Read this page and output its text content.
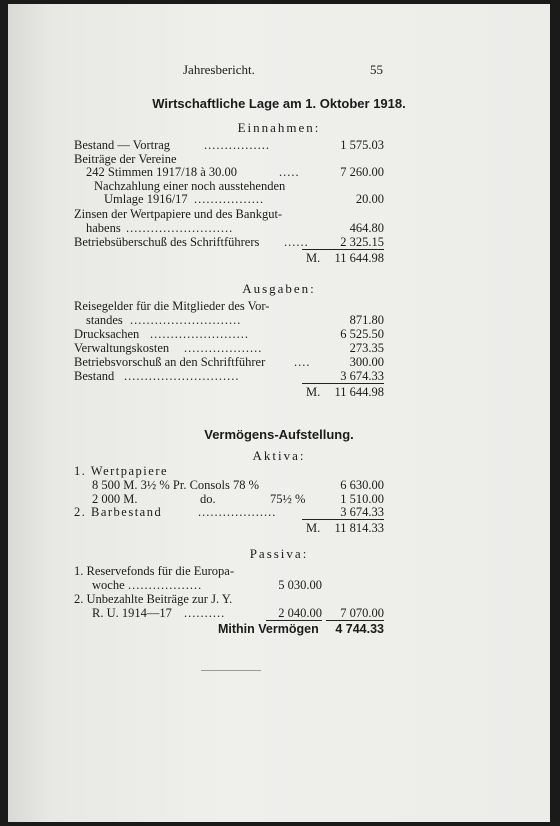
Jahresbericht.	55
Wirtschaftliche Lage am 1. Oktober 1918.
Einnahmen:
Bestand — Vortrag	................	1 575.03
Beiträge der Vereine
242 Stimmen 1917/18 à 30.00	.....	7 260.00
Nachzahlung einer noch ausstehenden
Umlage 1916/17 .................	20.00
Zinsen der Wertpapiere und des Bankgut-
habens ..........................	464.80
Betriebsüberschuß des Schriftführers ......	2 325.15
M.	11 644.98
Ausgaben:
Reisegelder für die Mitglieder des Vor-
standes ...........................	871.80
Drucksachen ........................	6 525.50
Verwaltungskosten ...................	273.35
Betriebsvorschuß an den Schriftführer ....	300.00
Bestand ............................	3 674.33
M.	11 644.98
Vermögens-Aufstellung.
Aktiva:
1. Wertpapiere
8 500 M. 3½ % Pr. Consols 78 %	6 630.00
2 000 M.	do.	75½ %	1 510.00
2. Barbestand	...................	3 674.33
M.	11 814.33
Passiva:
1. Reservefonds für die Europa-
woche ..................	5 030.00
2. Unbezahlte Beiträge zur J. Y.
R. U. 1914—17 ..........	2 040.00	7 070.00
Mithin Vermögen	4 744.33
